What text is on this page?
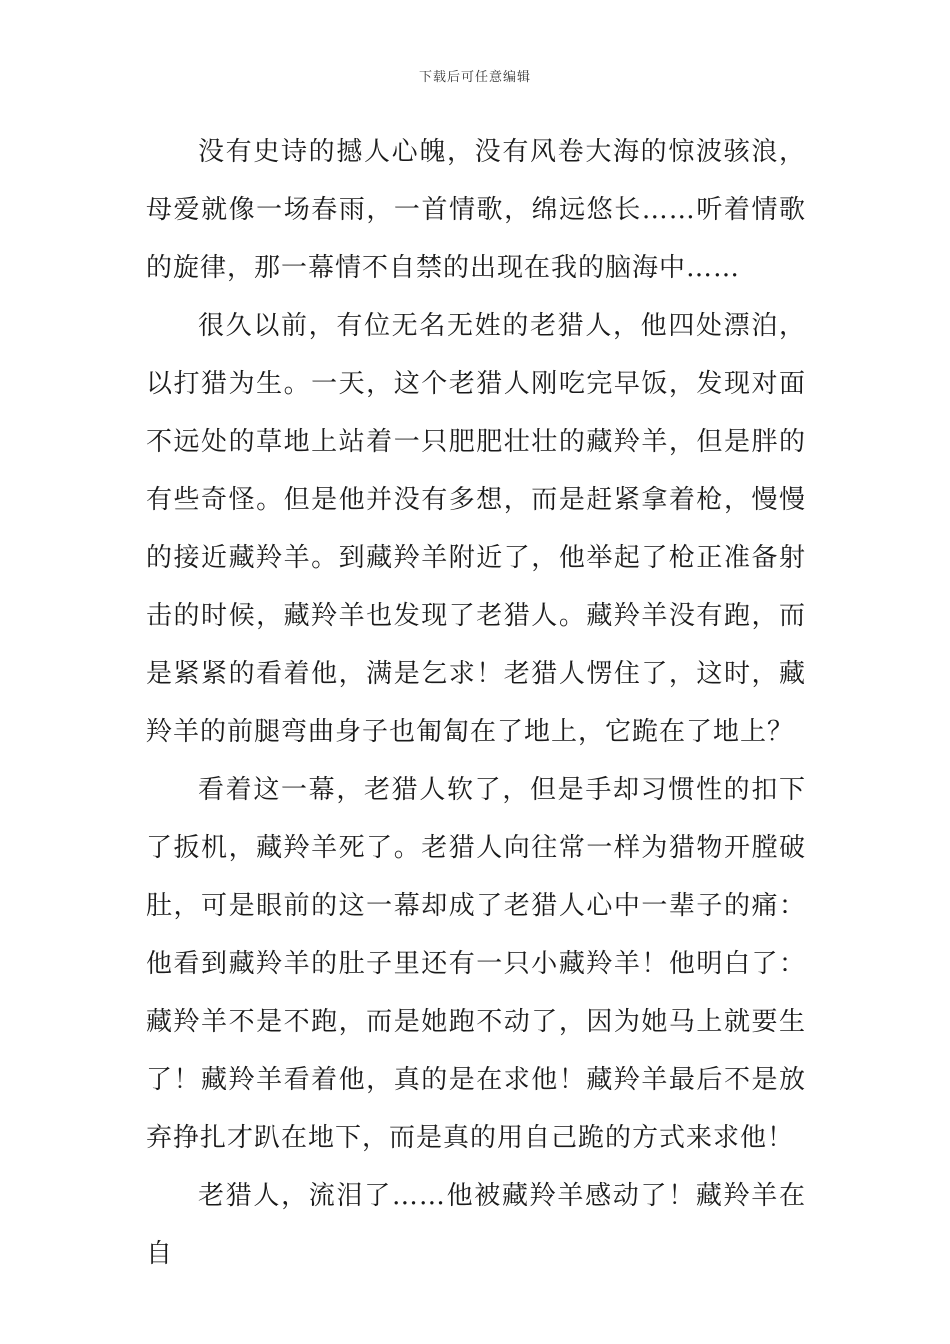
下载后可任意编辑

没有史诗的撼人心魄，没有风卷大海的惊波骇浪，母爱就像一场春雨，一首情歌，绵远悠长……听着情歌的旋律，那一幕情不自禁的出现在我的脑海中……

很久以前，有位无名无姓的老猎人，他四处漂泊，以打猎为生。一天，这个老猎人刚吃完早饭，发现对面不远处的草地上站着一只肥肥壮壮的藏羚羊，但是胖的有些奇怪。但是他并没有多想，而是赶紧拿着枪，慢慢的接近藏羚羊。到藏羚羊附近了，他举起了枪正准备射击的时候，藏羚羊也发现了老猎人。藏羚羊没有跑，而是紧紧的看着他，满是乞求！老猎人愣住了，这时，藏羚羊的前腿弯曲身子也匍匐在了地上，它跪在了地上？

看着这一幕，老猎人软了，但是手却习惯性的扣下了扳机，藏羚羊死了。老猎人向往常一样为猎物开膛破肚，可是眼前的这一幕却成了老猎人心中一辈子的痛：他看到藏羚羊的肚子里还有一只小藏羚羊！他明白了：藏羚羊不是不跑，而是她跑不动了，因为她马上就要生了！藏羚羊看着他，真的是在求他！藏羚羊最后不是放弃挣扎才趴在地下，而是真的用自己跪的方式来求他！

老猎人，流泪了……他被藏羚羊感动了！藏羚羊在自
